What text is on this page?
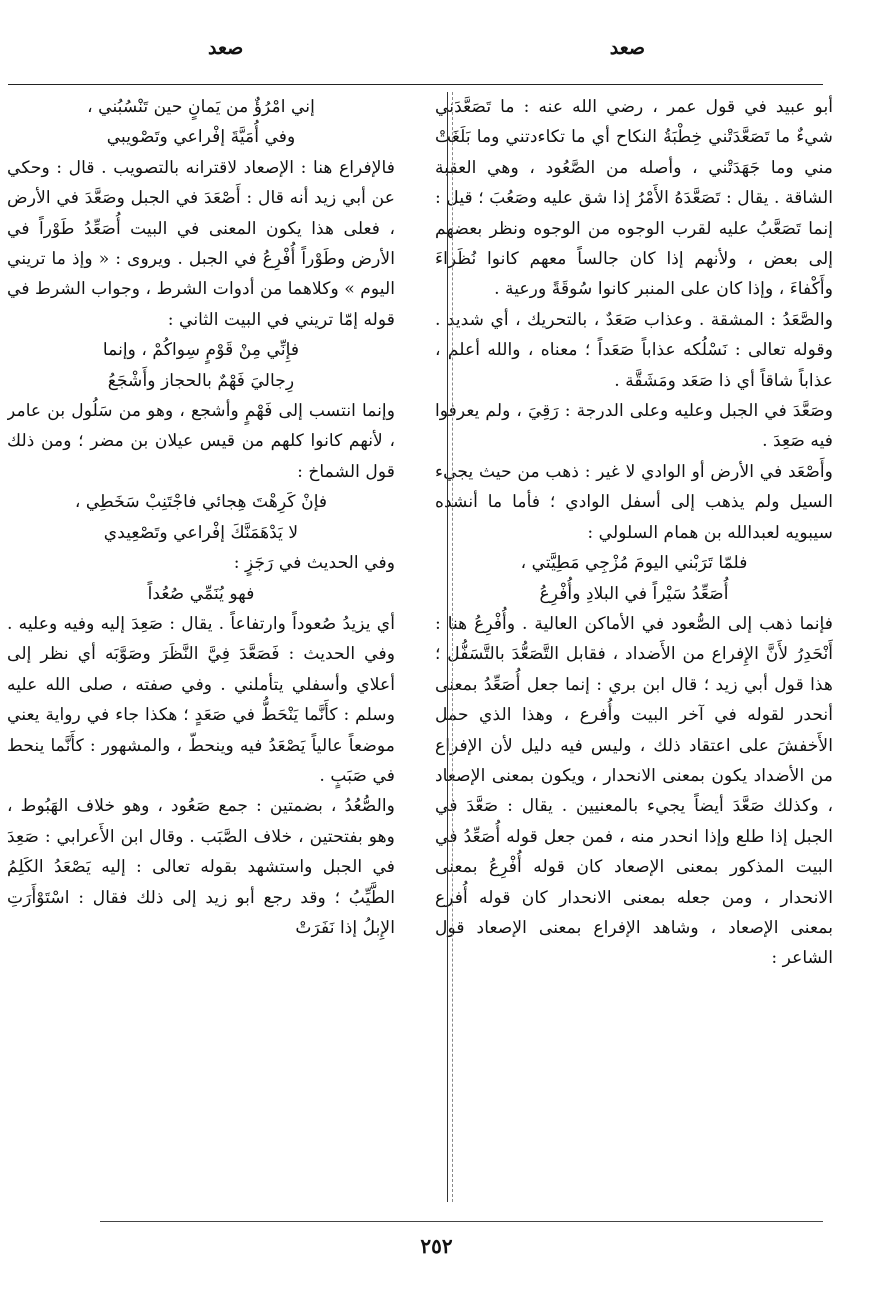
صعد
صعد

أبو عبيد في قول عمر ، رضي الله عنه : ما تَصَعَّدَني شيءٌ ما تَصَعَّدَتْني خِطْبَةُ النكاح أي ما تكاءدتني وما بَلَغَتْ مني وما جَهَدَتْني ، وأصله من الصَّعُود ، وهي العقبة الشاقة . يقال : تَصَعَّدَهُ الأَمْرُ إذا شق عليه وصَعُبَ ؛ قيل : إنما تَصَعَّبُ عليه لقرب الوجوه من الوجوه ونظر بعضهم إلى بعض ، ولأنهم إذا كان جالساً معهم كانوا نُظَراءَ وأَكْفاءَ ، وإذا كان على المنبر كانوا سُوقَةً ورعية .

والصَّعَدُ : المشقة . وعذاب صَعَدٌ ، بالتحريك ، أي شديد . وقوله تعالى : نَسْلُكه عذاباً صَعَداً ؛ معناه ، والله أعلم ، عذاباً شاقاً أي ذا صَعَد ومَشَقَّة .

وصَعَّدَ في الجبل وعليه وعلى الدرجة : رَقِيَ ، ولم يعرفوا فيه صَعِدَ .

وأَصْعَد في الأرض أو الوادي لا غير : ذهب من حيث يجيء السيل ولم يذهب إلى أسفل الوادي ؛ فأما ما أنشده سيبويه لعبدالله بن همام السلولي :

فلمّا تَرَبْني اليومَ مُزْجِي مَطِيَّتي ،
أُصَعِّدُ سَيْراً في البلادِ وأُفْرِعُ

فإنما ذهب إلى الصُّعود في الأماكن العالية . وأُفْرِعُ هنا : أَنْحَدِرُ لأَنَّ الإِفراع من الأَضداد ، فقابل التَّصَعُّدَ بالتَّسَفُّل ؛ هذا قول أبي زيد ؛ قال ابن بري : إنما جعل أُصَعِّدُ بمعنى أنحدر لقوله في آخر البيت وأُفرع ، وهذا الذي حمل الأَخفشَ على اعتقاد ذلك ، وليس فيه دليل لأن الإفراع من الأضداد يكون بمعنى الانحدار ، ويكون بمعنى الإصعاد ، وكذلك صَعَّدَ أيضاً يجيء بالمعنيين . يقال : صَعَّدَ في الجبل إذا طلع وإذا انحدر منه ، فمن جعل قوله أُصَعِّدُ في البيت المذكور بمعنى الإصعاد كان قوله أُفْرِعُ بمعنى الانحدار ، ومن جعله بمعنى الانحدار كان قوله أُفرع بمعنى الإصعاد ، وشاهد الإفراع بمعنى الإصعاد قول الشاعر :

إني امْرُؤٌ من يَمانٍ حين تَنْسُبُني ،
وفي أُمَيَّةَ إفْراعي وتَصْويبي

فالإفراع هنا : الإصعاد لاقترانه بالتصويب . قال : وحكي عن أبي زيد أنه قال : أَصْعَدَ في الجبل وصَعَّدَ في الأرض ، فعلى هذا يكون المعنى في البيت أُصَعِّدُ طَوْراً في الأرض وطَوْراً أُفْرِعُ في الجبل . ويروى : « وإذ ما تريني اليوم » وكلاهما من أدوات الشرط ، وجواب الشرط في قوله إمّا تريني في البيت الثاني :

فإِنِّي مِنْ قَوْمٍ سِواكُمْ ، وإنما
رِجاليَ فَهْمٌ بالحجاز وأَشْجَعُ

وإنما انتسب إلى فَهْمٍ وأشجع ، وهو من سَلُول بن عامر ، لأنهم كانوا كلهم من قيس عيلان بن مضر ؛ ومن ذلك قول الشماخ :

فإنْ كَرِهْتَ هِجائي فاجْتَنِبْ سَخَطِي ،
لا يَدْهَمَنَّكَ إفْراعي وتَصْعِيدي

وفي الحديث في رَجَزٍ :

فهو يُنَمِّي صُعُداً

أي يزيدُ صُعوداً وارتفاعاً . يقال : صَعِدَ إليه وفيه وعليه . وفي الحديث : فَصَعَّدَ فِيَّ النَّظَرَ وصَوَّبَه أي نظر إلى أعلاي وأسفلي يتأملني . وفي صفته ، صلى الله عليه وسلم : كأَنَّما يَنْحَطُّ في صَعَدٍ ؛ هكذا جاء في رواية يعني موضعاً عالياً يَصْعَدُ فيه وينحطّ ، والمشهور : كأَنَّما ينحط في صَبَبٍ .

والصُّعُدُ ، بضمتين : جمع صَعُود ، وهو خلاف الهَبُوط ، وهو بفتحتين ، خلاف الصَّبَب . وقال ابن الأَعرابي : صَعِدَ في الجبل واستشهد بقوله تعالى : إليه يَصْعَدُ الكَلِمُ الطَّيِّبُ ؛ وقد رجع أبو زيد إلى ذلك فقال : اسْتَوْأَرَتِ الإِبلُ إذا نَفَرَتْ

٢٥٢
